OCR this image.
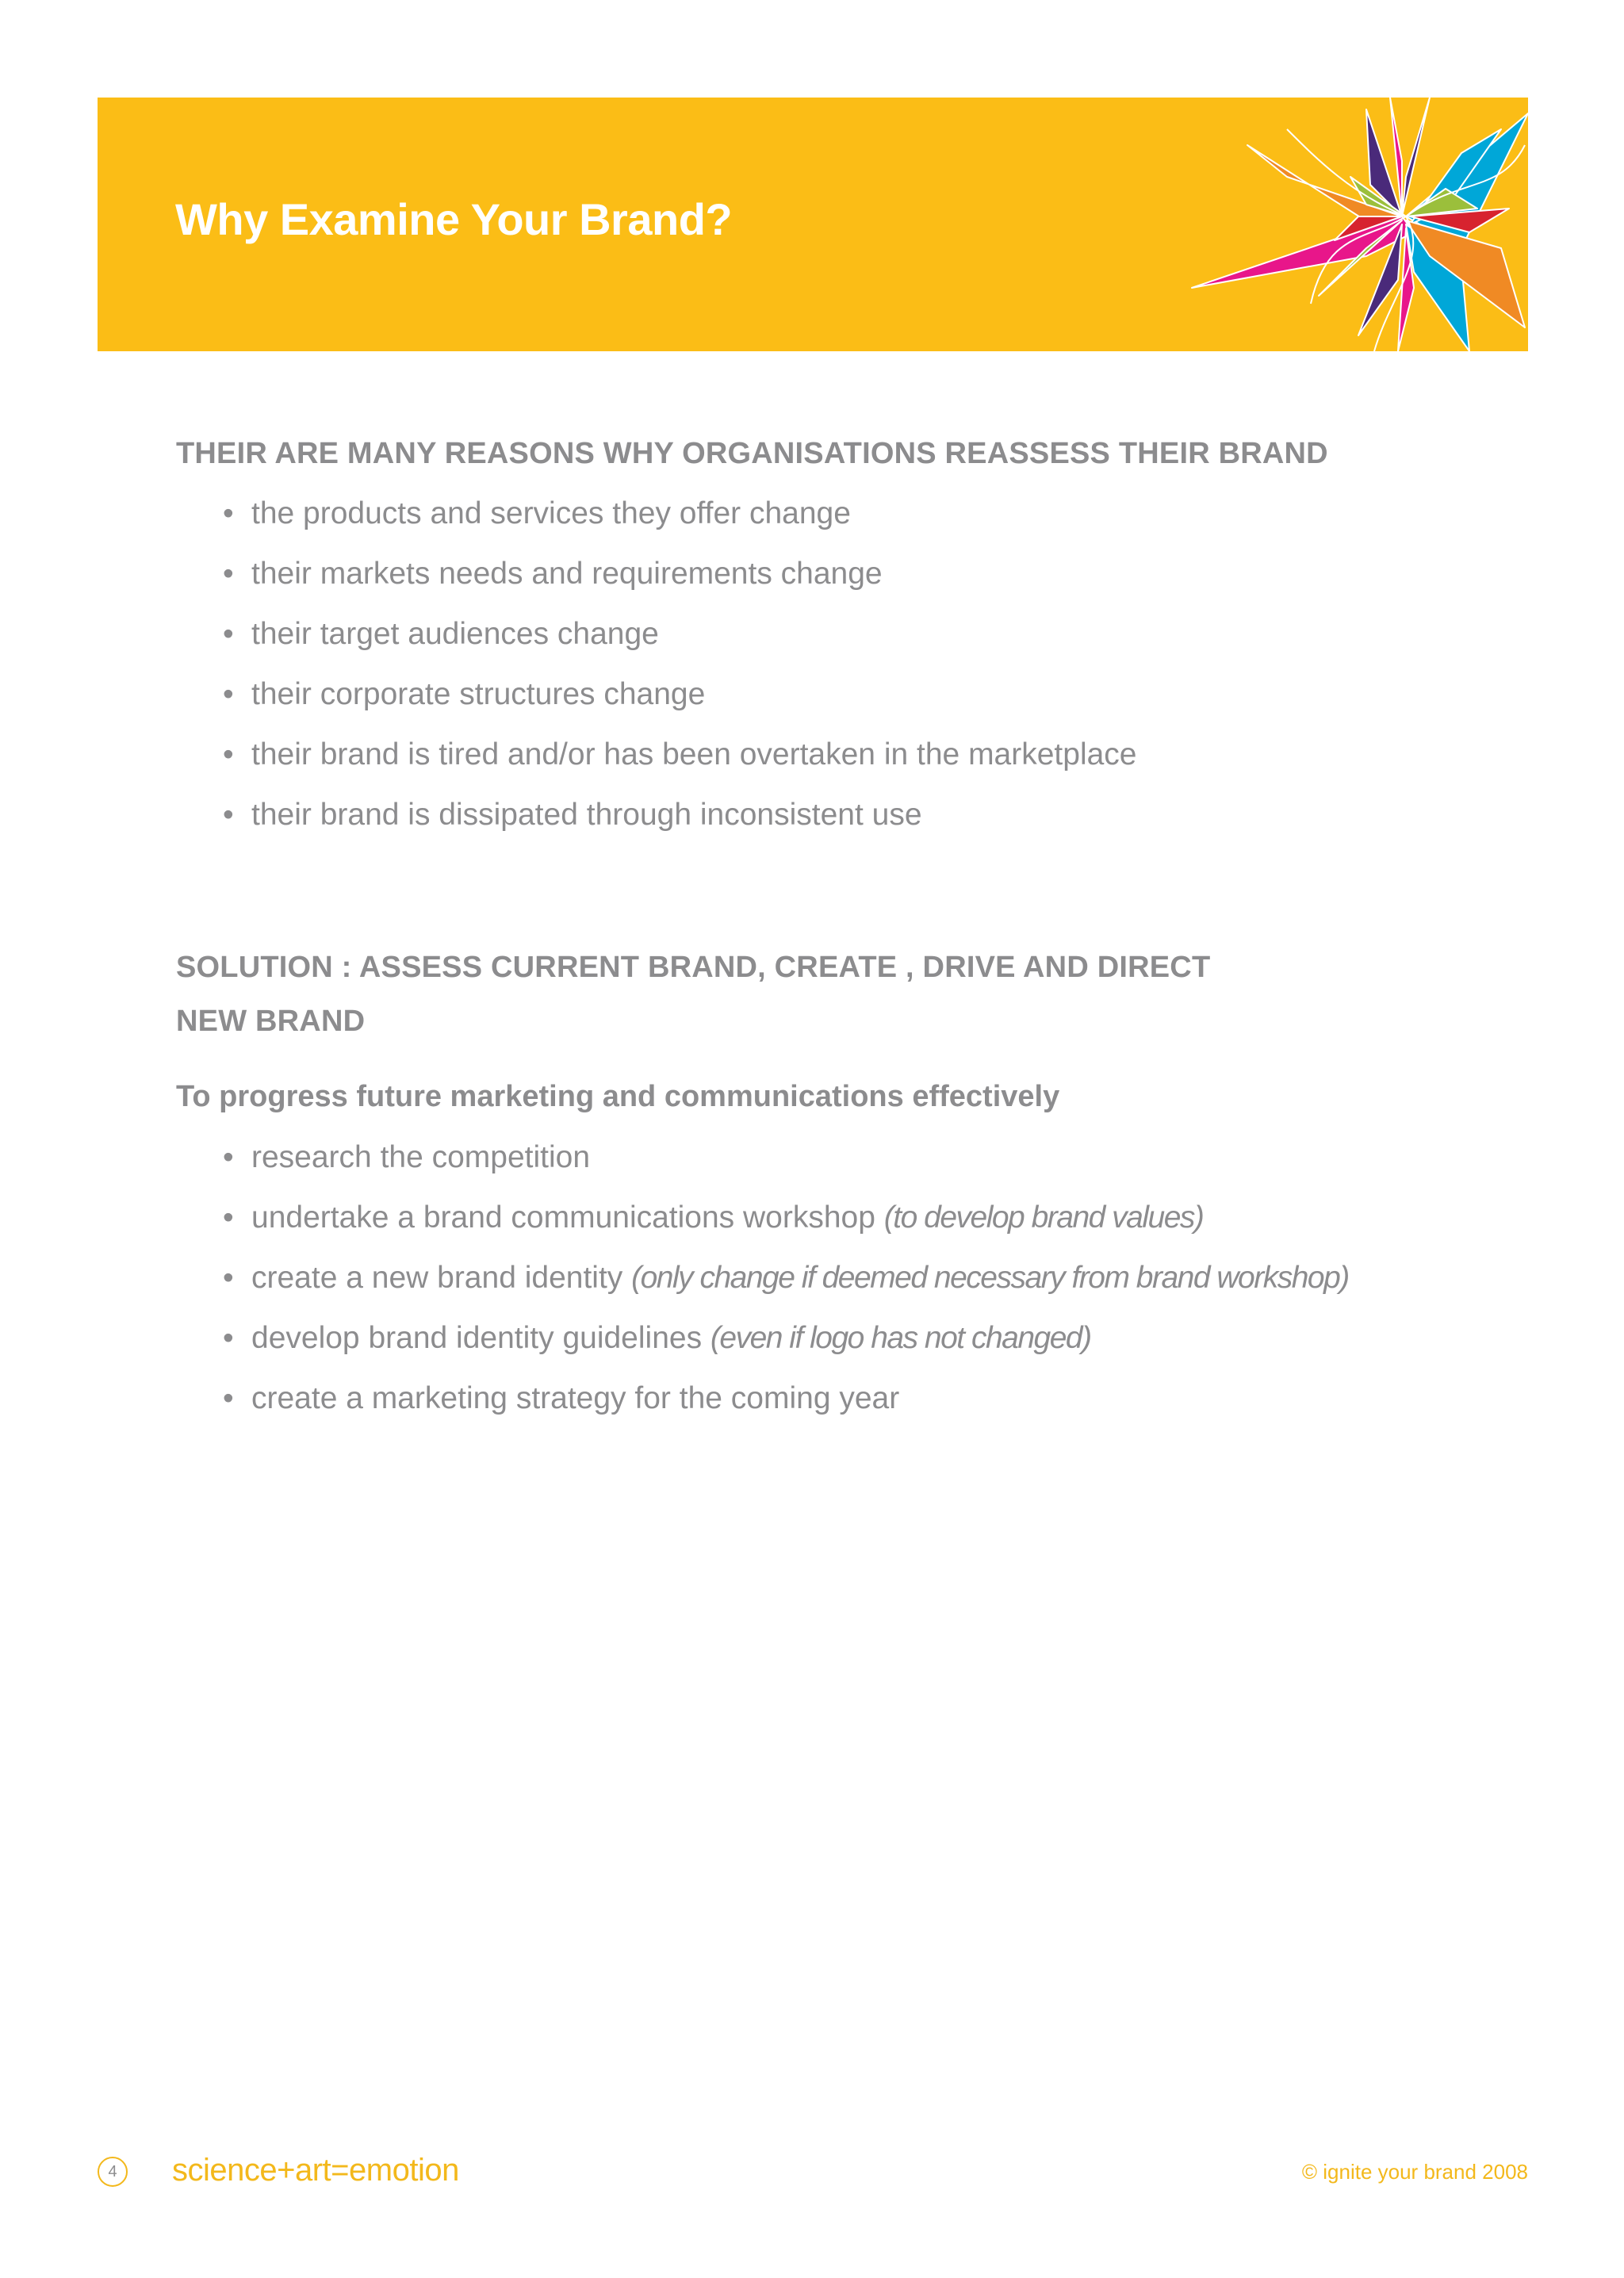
Why Examine Your Brand?
THEIR ARE MANY REASONS WHY ORGANISATIONS REASSESS THEIR BRAND
• the products and services they offer change
• their markets needs and requirements change
• their target audiences change
• their corporate structures change
• their brand is tired and/or has been overtaken in the marketplace
• their brand is dissipated through inconsistent use
SOLUTION : ASSESS CURRENT BRAND, CREATE , DRIVE AND DIRECT
NEW BRAND
To progress future marketing and communications effectively
• research the competition
• undertake a brand communications workshop (to develop brand values)
• create a new brand identity (only change if deemed necessary from brand workshop)
• develop brand identity guidelines (even if logo has not changed)
• create a marketing strategy for the coming year
4	science+art=emotion	© ignite your brand 2008
